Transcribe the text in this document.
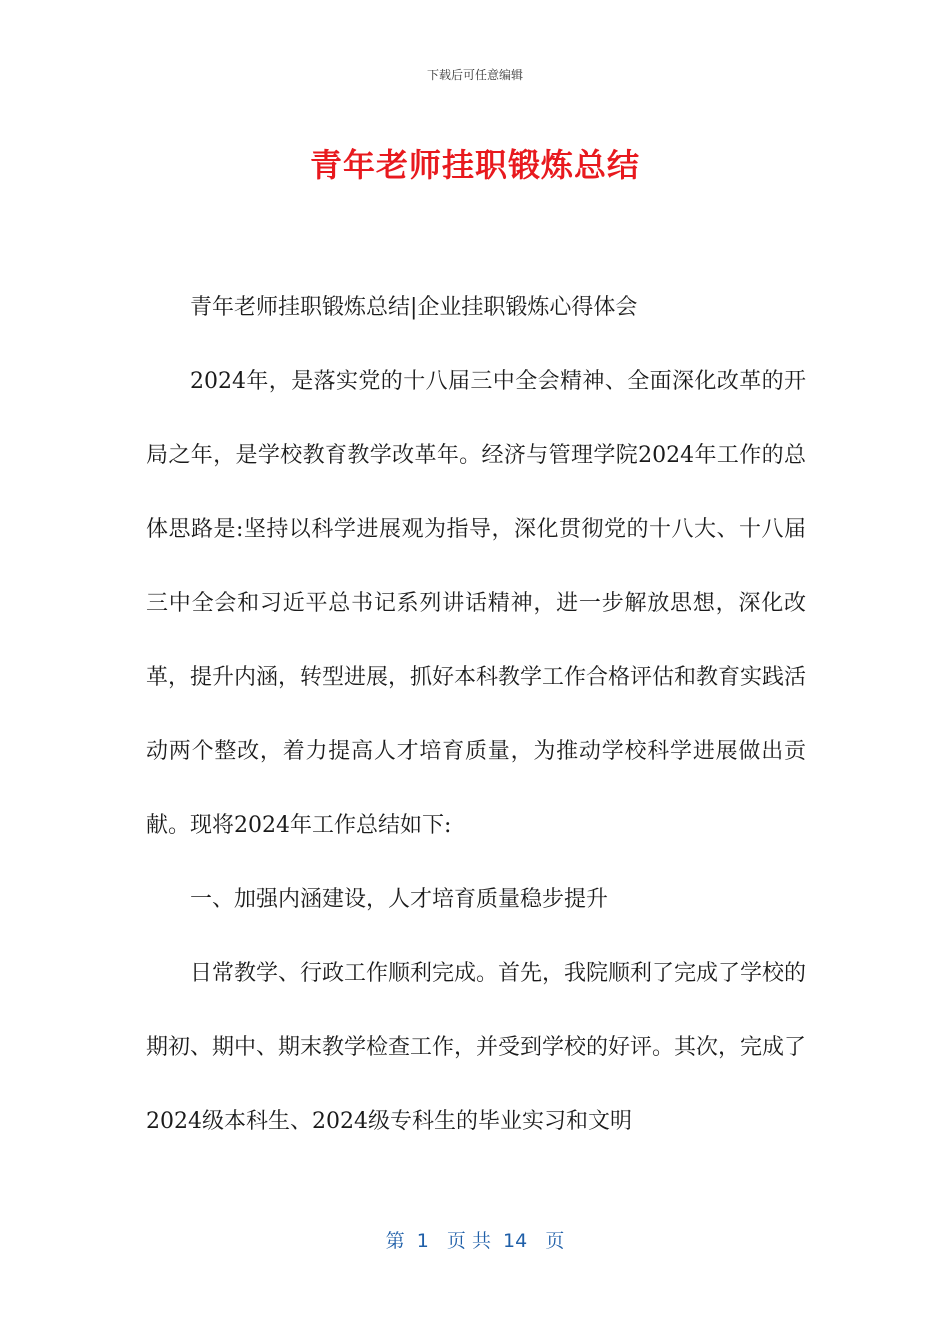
下载后可任意编辑
青年老师挂职锻炼总结

青年老师挂职锻炼总结|企业挂职锻炼心得体会

2024年，是落实党的十八届三中全会精神、全面深化改革的开局之年，是学校教育教学改革年。经济与管理学院2024年工作的总体思路是:坚持以科学进展观为指导，深化贯彻党的十八大、十八届三中全会和习近平总书记系列讲话精神，进一步解放思想，深化改革，提升内涵，转型进展，抓好本科教学工作合格评估和教育实践活动两个整改，着力提高人才培育质量，为推动学校科学进展做出贡献。现将2024年工作总结如下:

一、加强内涵建设，人才培育质量稳步提升

日常教学、行政工作顺利完成。首先，我院顺利了完成了学校的期初、期中、期末教学检查工作，并受到学校的好评。其次，完成了2024级本科生、2024级专科生的毕业实习和文明

第  1   页 共  14   页
